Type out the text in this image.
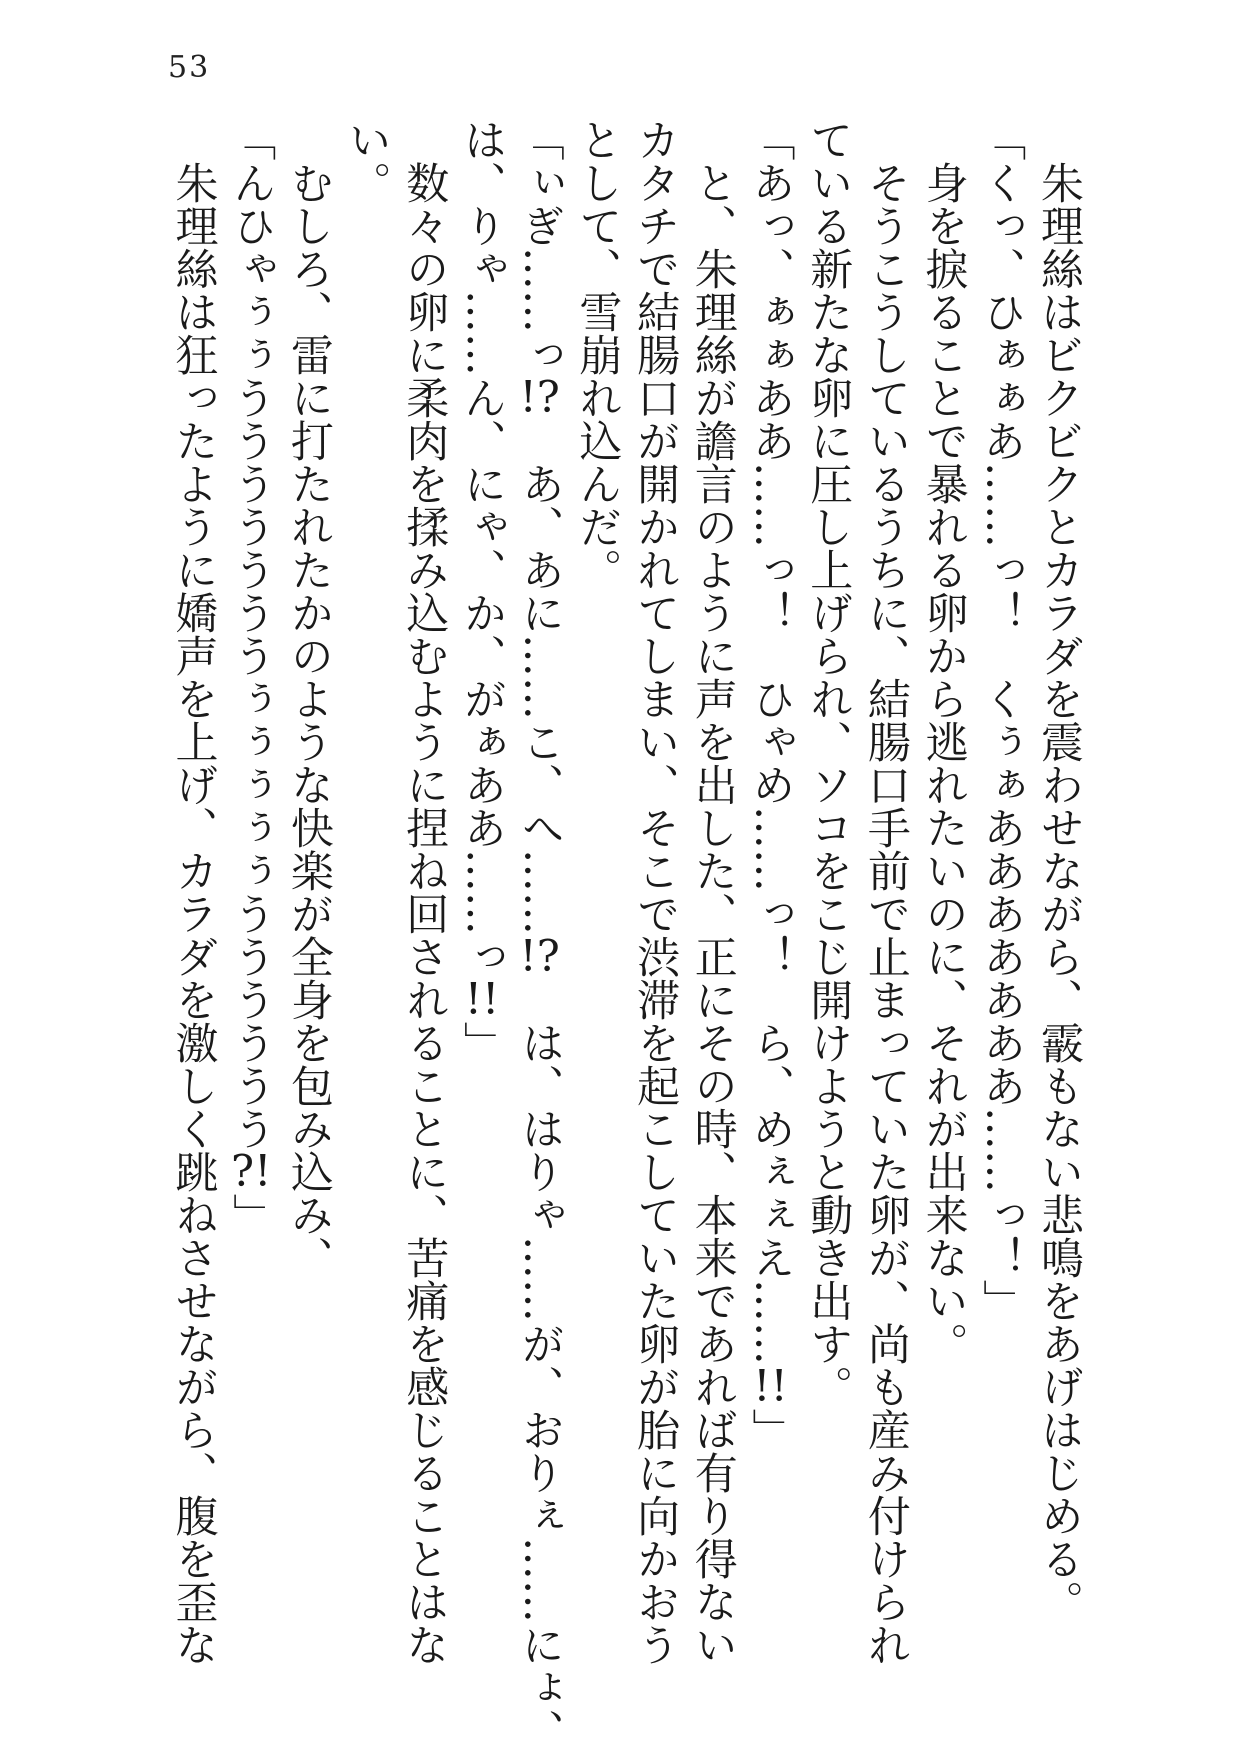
53
朱理絲はビクビクとカラダを震わせながら、霰もない悲鳴をあげはじめる。
「くっ、ひぁぁあ……っ！　くぅぁあああああああ……っ！」
身を捩ることで暴れる卵から逃れたいのに、それが出来ない。
そうこうしているうちに、結腸口手前で止まっていた卵が、尚も産み付けられ
ている新たな卵に圧し上げられ、ソコをこじ開けようと動き出す。
「あっ、ぁぁああ……っ！　ひゃめ……っ！　ら、めぇぇえ……!!」
と、朱理絲が譫言のように声を出した、正にその時、本来であれば有り得ない
カタチで結腸口が開かれてしまい、そこで渋滞を起こしていた卵が胎に向かおう
として、雪崩れ込んだ。
「ぃぎ……っ!?　あ、あに……こ、へ……!?　は、はりゃ……が、おりぇ……にょ、
は、りゃ……ん、にゃ、か、がぁああ……っ!!」
数々の卵に柔肉を揉み込むように捏ね回されることに、苦痛を感じることはな
い。
むしろ、雷に打たれたかのような快楽が全身を包み込み、
「んひゃぅぅうううううううぅぅぅぅぅうううううう?!」
朱理絲は狂ったように嬌声を上げ、カラダを激しく跳ねさせながら、腹を歪な
